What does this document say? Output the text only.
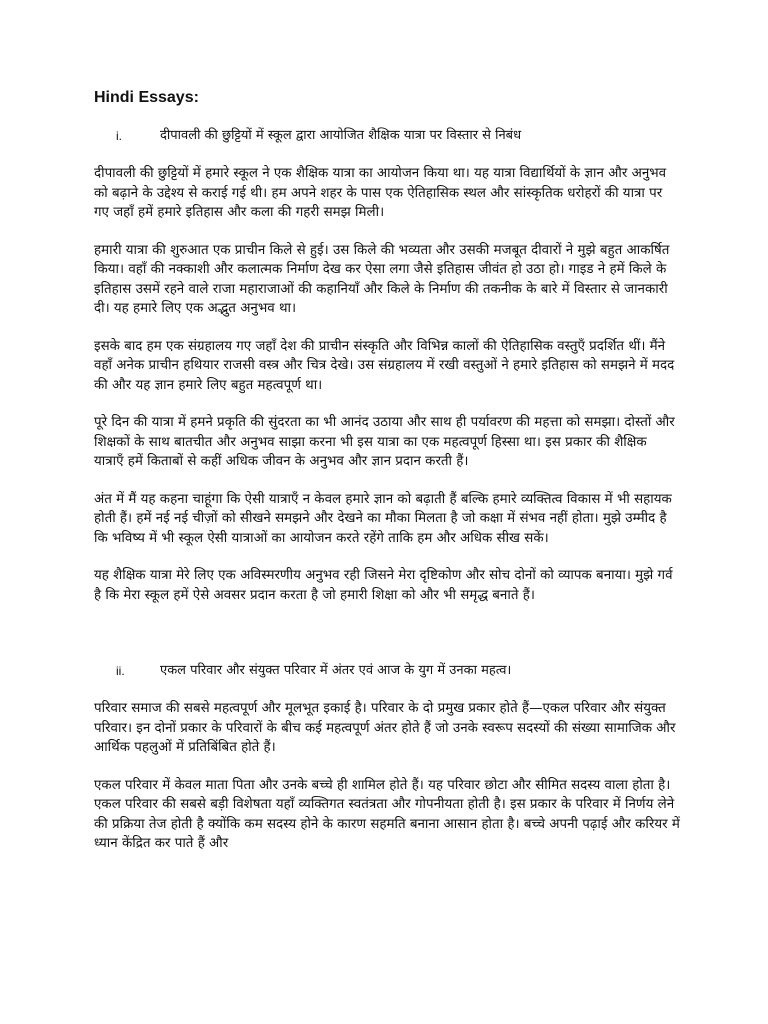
Hindi Essays:
i.	दीपावली की छुट्टियों में स्कूल द्वारा आयोजित शैक्षिक यात्रा पर विस्तार से निबंध

दीपावली की छुट्टियों में हमारे स्कूल ने एक शैक्षिक यात्रा का आयोजन किया था। यह यात्रा विद्यार्थियों के ज्ञान और अनुभव को बढ़ाने के उद्देश्य से कराई गई थी। हम अपने शहर के पास एक ऐतिहासिक स्थल और सांस्कृतिक धरोहरों की यात्रा पर गए जहाँ हमें हमारे इतिहास और कला की गहरी समझ मिली।

हमारी यात्रा की शुरुआत एक प्राचीन किले से हुई। उस किले की भव्यता और उसकी मजबूत दीवारों ने मुझे बहुत आकर्षित किया। वहाँ की नक्काशी और कलात्मक निर्माण देख कर ऐसा लगा जैसे इतिहास जीवंत हो उठा हो। गाइड ने हमें किले के इतिहास उसमें रहने वाले राजा महाराजाओं की कहानियाँ और किले के निर्माण की तकनीक के बारे में विस्तार से जानकारी दी। यह हमारे लिए एक अद्भुत अनुभव था।

इसके बाद हम एक संग्रहालय गए जहाँ देश की प्राचीन संस्कृति और विभिन्न कालों की ऐतिहासिक वस्तुएँ प्रदर्शित थीं। मैंने वहाँ अनेक प्राचीन हथियार राजसी वस्त्र और चित्र देखे। उस संग्रहालय में रखी वस्तुओं ने हमारे इतिहास को समझने में मदद की और यह ज्ञान हमारे लिए बहुत महत्वपूर्ण था।

पूरे दिन की यात्रा में हमने प्रकृति की सुंदरता का भी आनंद उठाया और साथ ही पर्यावरण की महत्ता को समझा। दोस्तों और शिक्षकों के साथ बातचीत और अनुभव साझा करना भी इस यात्रा का एक महत्वपूर्ण हिस्सा था। इस प्रकार की शैक्षिक यात्राएँ हमें किताबों से कहीं अधिक जीवन के अनुभव और ज्ञान प्रदान करती हैं।

अंत में मैं यह कहना चाहूंगा कि ऐसी यात्राएँ न केवल हमारे ज्ञान को बढ़ाती हैं बल्कि हमारे व्यक्तित्व विकास में भी सहायक होती हैं। हमें नई नई चीज़ों को सीखने समझने और देखने का मौका मिलता है जो कक्षा में संभव नहीं होता। मुझे उम्मीद है कि भविष्य में भी स्कूल ऐसी यात्राओं का आयोजन करते रहेंगे ताकि हम और अधिक सीख सकें।

यह शैक्षिक यात्रा मेरे लिए एक अविस्मरणीय अनुभव रही जिसने मेरा दृष्टिकोण और सोच दोनों को व्यापक बनाया। मुझे गर्व है कि मेरा स्कूल हमें ऐसे अवसर प्रदान करता है जो हमारी शिक्षा को और भी समृद्ध बनाते हैं।

ii.	एकल परिवार और संयुक्त परिवार में अंतर एवं आज के युग में उनका महत्व।

परिवार समाज की सबसे महत्वपूर्ण और मूलभूत इकाई है। परिवार के दो प्रमुख प्रकार होते हैं—एकल परिवार और संयुक्त परिवार। इन दोनों प्रकार के परिवारों के बीच कई महत्वपूर्ण अंतर होते हैं जो उनके स्वरूप सदस्यों की संख्या सामाजिक और आर्थिक पहलुओं में प्रतिबिंबित होते हैं।

एकल परिवार में केवल माता पिता और उनके बच्चे ही शामिल होते हैं। यह परिवार छोटा और सीमित सदस्य वाला होता है। एकल परिवार की सबसे बड़ी विशेषता यहाँ व्यक्तिगत स्वतंत्रता और गोपनीयता होती है। इस प्रकार के परिवार में निर्णय लेने की प्रक्रिया तेज होती है क्योंकि कम सदस्य होने के कारण सहमति बनाना आसान होता है। बच्चे अपनी पढ़ाई और करियर में ध्यान केंद्रित कर पाते हैं और
